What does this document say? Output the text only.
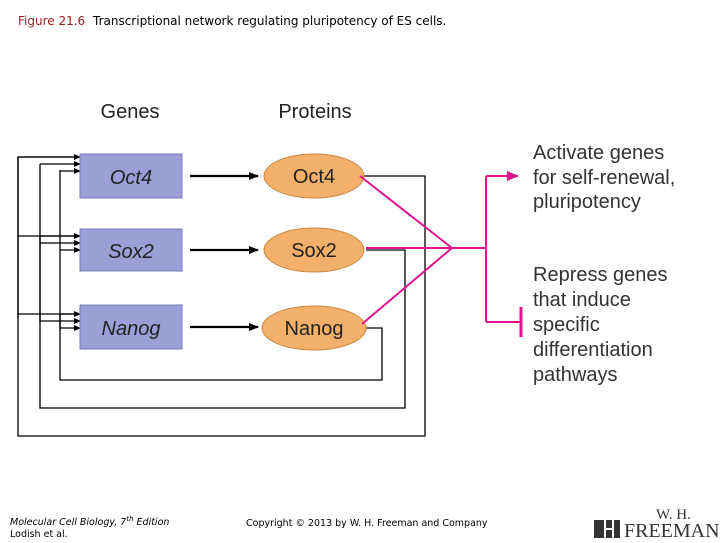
Figure 21.6 Transcriptional network regulating pluripotency of ES cells.
Genes	Proteins
Oct4
Sox2
Nanog
Oct4
Sox2
Nanog
Activate genes
for self-renewal,
pluripotency
Repress genes
that induce
specific
differentiation
pathways
Molecular Cell Biology, 7th Edition
Lodish et al.
Copyright © 2013 by W. H. Freeman and Company
W. H.
FREEMAN
